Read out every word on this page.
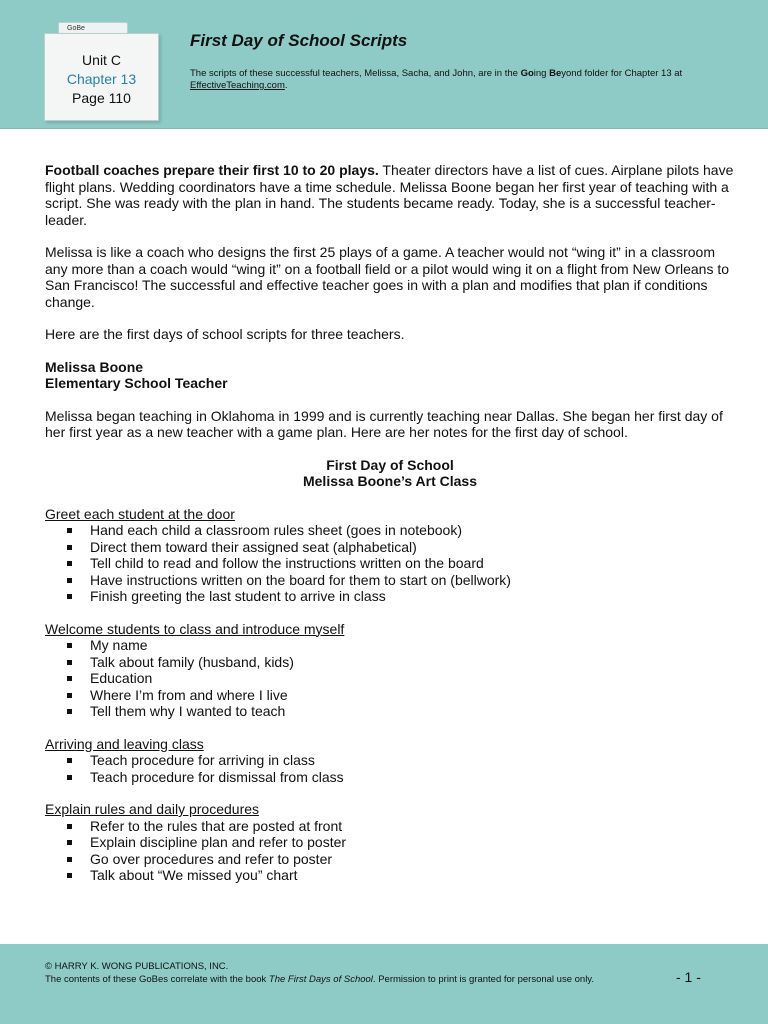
GoBe
Unit C
Chapter 13
Page 110
First Day of School Scripts
The scripts of these successful teachers, Melissa, Sacha, and John, are in the Going Beyond folder for Chapter 13 at EffectiveTeaching.com.

Football coaches prepare their first 10 to 20 plays. Theater directors have a list of cues. Airplane pilots have flight plans. Wedding coordinators have a time schedule. Melissa Boone began her first year of teaching with a script. She was ready with the plan in hand. The students became ready. Today, she is a successful teacher-leader.

Melissa is like a coach who designs the first 25 plays of a game. A teacher would not “wing it” in a classroom any more than a coach would “wing it” on a football field or a pilot would wing it on a flight from New Orleans to San Francisco! The successful and effective teacher goes in with a plan and modifies that plan if conditions change.

Here are the first days of school scripts for three teachers.

Melissa Boone
Elementary School Teacher

Melissa began teaching in Oklahoma in 1999 and is currently teaching near Dallas. She began her first day of her first year as a new teacher with a game plan. Here are her notes for the first day of school.

First Day of School
Melissa Boone’s Art Class
Greet each student at the door
Hand each child a classroom rules sheet (goes in notebook)
Direct them toward their assigned seat (alphabetical)
Tell child to read and follow the instructions written on the board
Have instructions written on the board for them to start on (bellwork)
Finish greeting the last student to arrive in class
Welcome students to class and introduce myself
My name
Talk about family (husband, kids)
Education
Where I’m from and where I live
Tell them why I wanted to teach
Arriving and leaving class
Teach procedure for arriving in class
Teach procedure for dismissal from class
Explain rules and daily procedures
Refer to the rules that are posted at front
Explain discipline plan and refer to poster
Go over procedures and refer to poster
Talk about “We missed you” chart
© HARRY K. WONG PUBLICATIONS, INC.
The contents of these GoBes correlate with the book The First Days of School. Permission to print is granted for personal use only.	- 1 -
